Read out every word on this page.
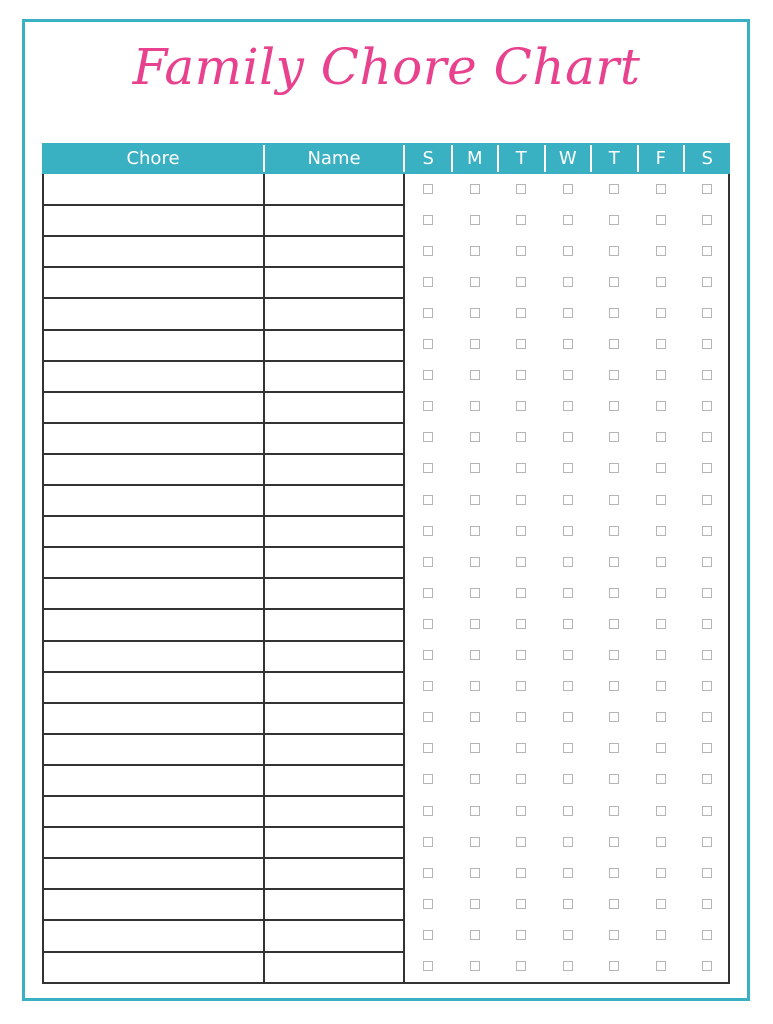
Family Chore Chart
Chore	Name	S	M	T	W	T	F	S
